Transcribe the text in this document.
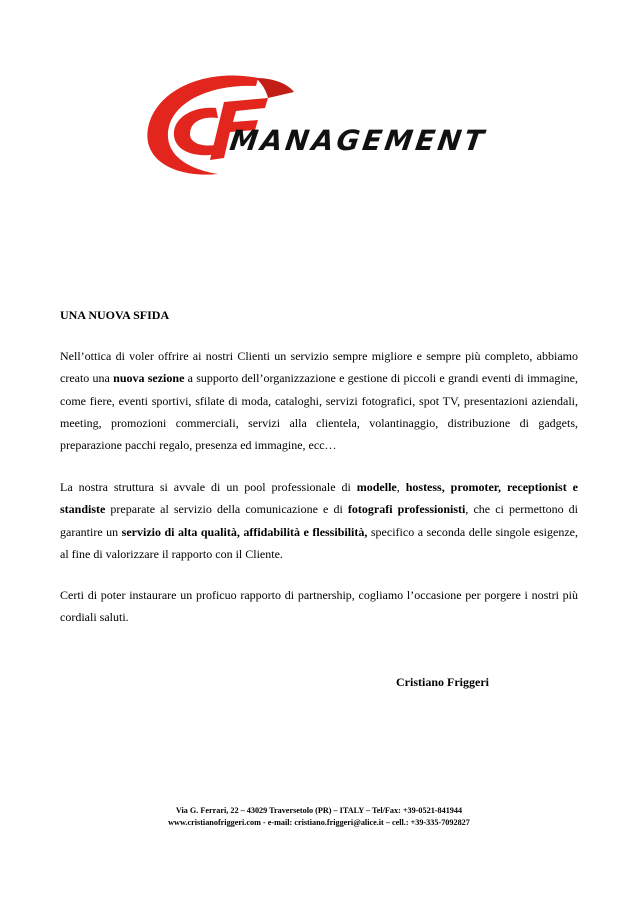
MANAGEMENT
UNA NUOVA SFIDA

Nell’ottica di voler offrire ai nostri Clienti un servizio sempre migliore e sempre più completo, abbiamo creato una nuova sezione a supporto dell’organizzazione e gestione di piccoli e grandi eventi di immagine, come fiere, eventi sportivi, sfilate di moda, cataloghi, servizi fotografici, spot TV, presentazioni aziendali, meeting, promozioni commerciali, servizi alla clientela, volantinaggio, distribuzione di gadgets, preparazione pacchi regalo, presenza ed immagine, ecc…

La nostra struttura si avvale di un pool professionale di modelle, hostess, promoter, receptionist e standiste preparate al servizio della comunicazione e di fotografi professionisti, che ci permettono di garantire un servizio di alta qualità, affidabilità e flessibilità, specifico a seconda delle singole esigenze, al fine di valorizzare il rapporto con il Cliente.

Certi di poter instaurare un proficuo rapporto di partnership, cogliamo l’occasione per porgere i nostri più cordiali saluti.

Cristiano Friggeri
Via G. Ferrari, 22 – 43029 Traversetolo (PR) – ITALY – Tel/Fax: +39-0521-841944
www.cristianofriggeri.com - e-mail: cristiano.friggeri@alice.it – cell.: +39-335-7092827
